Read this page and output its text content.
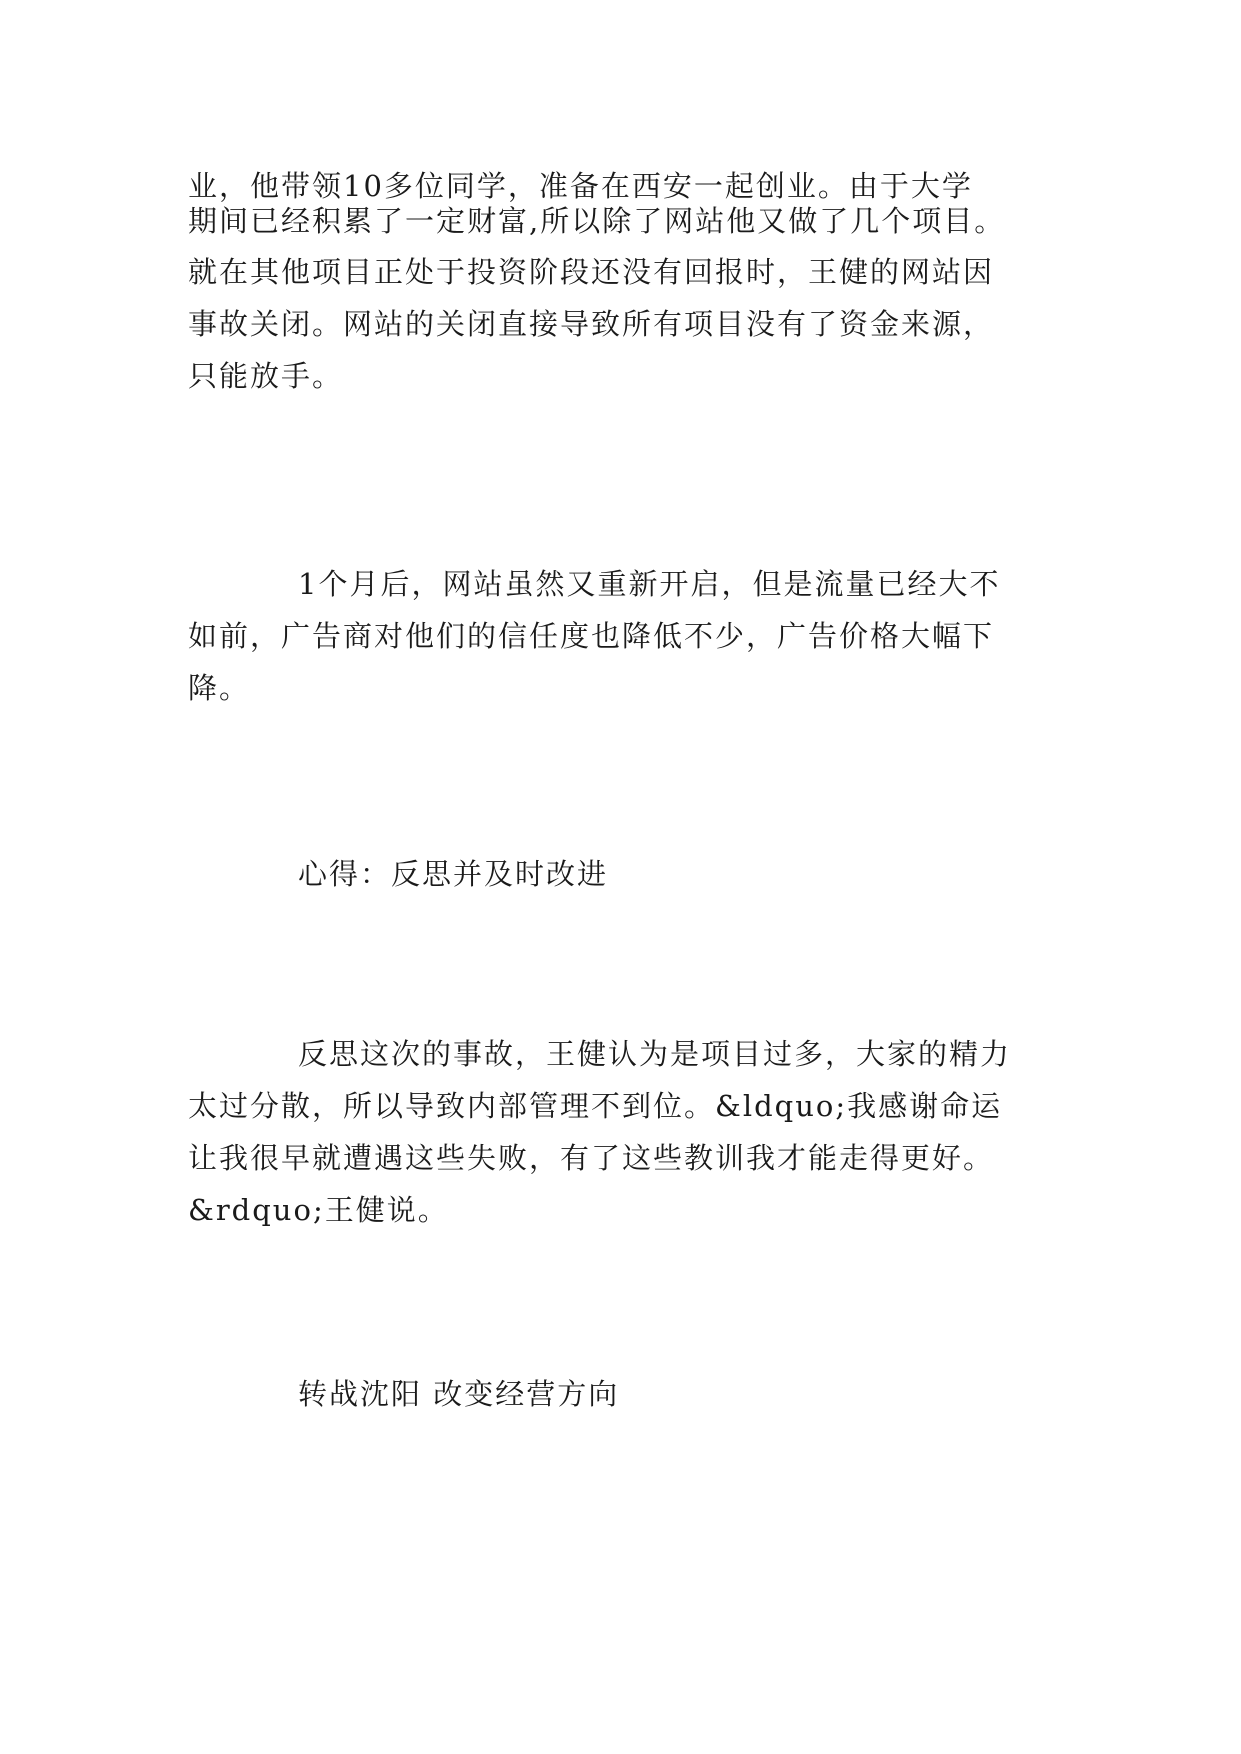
业，他带领10多位同学，准备在西安一起创业。由于大学
期间已经积累了一定财富,所以除了网站他又做了几个项目。
就在其他项目正处于投资阶段还没有回报时，王健的网站因
事故关闭。网站的关闭直接导致所有项目没有了资金来源，
只能放手。
1个月后，网站虽然又重新开启，但是流量已经大不
如前，广告商对他们的信任度也降低不少，广告价格大幅下
降。
心得：反思并及时改进
反思这次的事故，王健认为是项目过多，大家的精力
太过分散，所以导致内部管理不到位。&ldquo;我感谢命运
让我很早就遭遇这些失败，有了这些教训我才能走得更好。
&rdquo;王健说。
转战沈阳 改变经营方向
